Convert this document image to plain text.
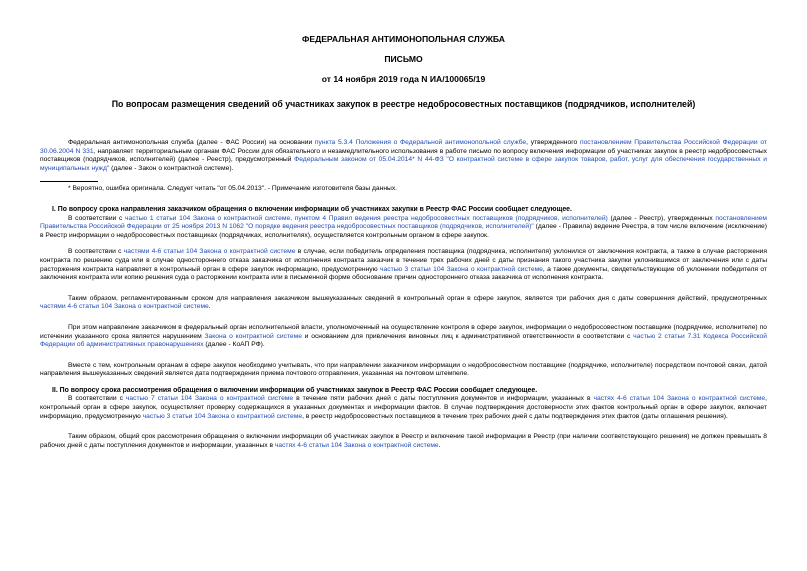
ФЕДЕРАЛЬНАЯ АНТИМОНОПОЛЬНАЯ СЛУЖБА
ПИСЬМО
от 14 ноября 2019 года N ИА/100065/19
По вопросам размещения сведений об участниках закупок в реестре недобросовестных поставщиков (подрядчиков, исполнителей)

Федеральная антимонопольная служба (далее - ФАС России) на основании пункта 5.3.4 Положения о Федеральной антимонопольной службе, утвержденного постановлением Правительства Российской Федерации от 30.06.2004 N 331, направляет территориальным органам ФАС России для обязательного и незамедлительного использования в работе письмо по вопросу включения информации об участниках закупок в реестр недобросовестных поставщиков (подрядчиков, исполнителей) (далее - Реестр), предусмотренный Федеральным законом от 05.04.2014* N 44-ФЗ "О контрактной системе в сфере закупок товаров, работ, услуг для обеспечения государственных и муниципальных нужд" (далее - Закон о контрактной системе).

* Вероятно, ошибка оригинала. Следует читать "от 05.04.2013". - Примечание изготовителя базы данных.

I. По вопросу срока направления заказчиком обращения о включении информации об участниках закупки в Реестр ФАС России сообщает следующее.

В соответствии с частью 1 статьи 104 Закона о контрактной системе, пунктом 4 Правил ведения реестра недобросовестных поставщиков (подрядчиков, исполнителей) (далее - Реестр), утвержденных постановлением Правительства Российской Федерации от 25 ноября 2013 N 1062 "О порядке ведения реестра недобросовестных поставщиков (подрядчиков, исполнителей)" (далее - Правила) ведение Реестра, в том числе включение (исключение) в Реестр информации о недобросовестных поставщиках (подрядчиках, исполнителях), осуществляется контрольным органом в сфере закупок.

В соответствии с частями 4-6 статьи 104 Закона о контрактной системе в случае, если победитель определения поставщика (подрядчика, исполнителя) уклонился от заключения контракта, а также в случае расторжения контракта по решению суда или в случае одностороннего отказа заказчика от исполнения контракта заказчик в течение трех рабочих дней с даты признания такого участника закупки уклонившимся от заключения или с даты расторжения контракта направляет в контрольный орган в сфере закупок информацию, предусмотренную частью 3 статьи 104 Закона о контрактной системе, а также документы, свидетельствующие об уклонении победителя от заключения контракта или копию решения суда о расторжении контракта или в письменной форме обоснование причин одностороннего отказа заказчика от исполнения контракта.

Таким образом, регламентированным сроком для направления заказчиком вышеуказанных сведений в контрольный орган в сфере закупок, является три рабочих дня с даты совершения действий, предусмотренных частями 4-6 статьи 104 Закона о контрактной системе.

При этом направление заказчиком в федеральный орган исполнительной власти, уполномоченный на осуществление контроля в сфере закупок, информации о недобросовестном поставщике (подрядчике, исполнителе) по истечении указанного срока является нарушением Закона о контрактной системе и основанием для привлечения виновных лиц к административной ответственности в соответствии с частью 2 статьи 7.31 Кодекса Российской Федерации об административных правонарушениях (далее - КоАП РФ).

Вместе с тем, контрольным органам в сфере закупок необходимо учитывать, что при направлении заказчиком информации о недобросовестном поставщике (подрядчике, исполнителе) посредством почтовой связи, датой направления вышеуказанных сведений является дата подтверждения приема почтового отправления, указанная на почтовом штемпеле.

II. По вопросу срока рассмотрения обращения о включении информации об участниках закупок в Реестр ФАС России сообщает следующее.

В соответствии с частью 7 статьи 104 Закона о контрактной системе в течение пяти рабочих дней с даты поступления документов и информации, указанных в частях 4-6 статьи 104 Закона о контрактной системе, контрольный орган в сфере закупок, осуществляет проверку содержащихся в указанных документах и информации фактов. В случае подтверждения достоверности этих фактов контрольный орган в сфере закупок, включает информацию, предусмотренную частью 3 статьи 104 Закона о контрактной системе, в реестр недобросовестных поставщиков в течение трех рабочих дней с даты подтверждения этих фактов (даты оглашения решения).

Таким образом, общий срок рассмотрения обращения о включении информации об участниках закупок в Реестр и включение такой информации в Реестр (при наличии соответствующего решения) не должен превышать 8 рабочих дней с даты поступления документов и информации, указанных в частях 4-6 статьи 104 Закона о контрактной системе.
